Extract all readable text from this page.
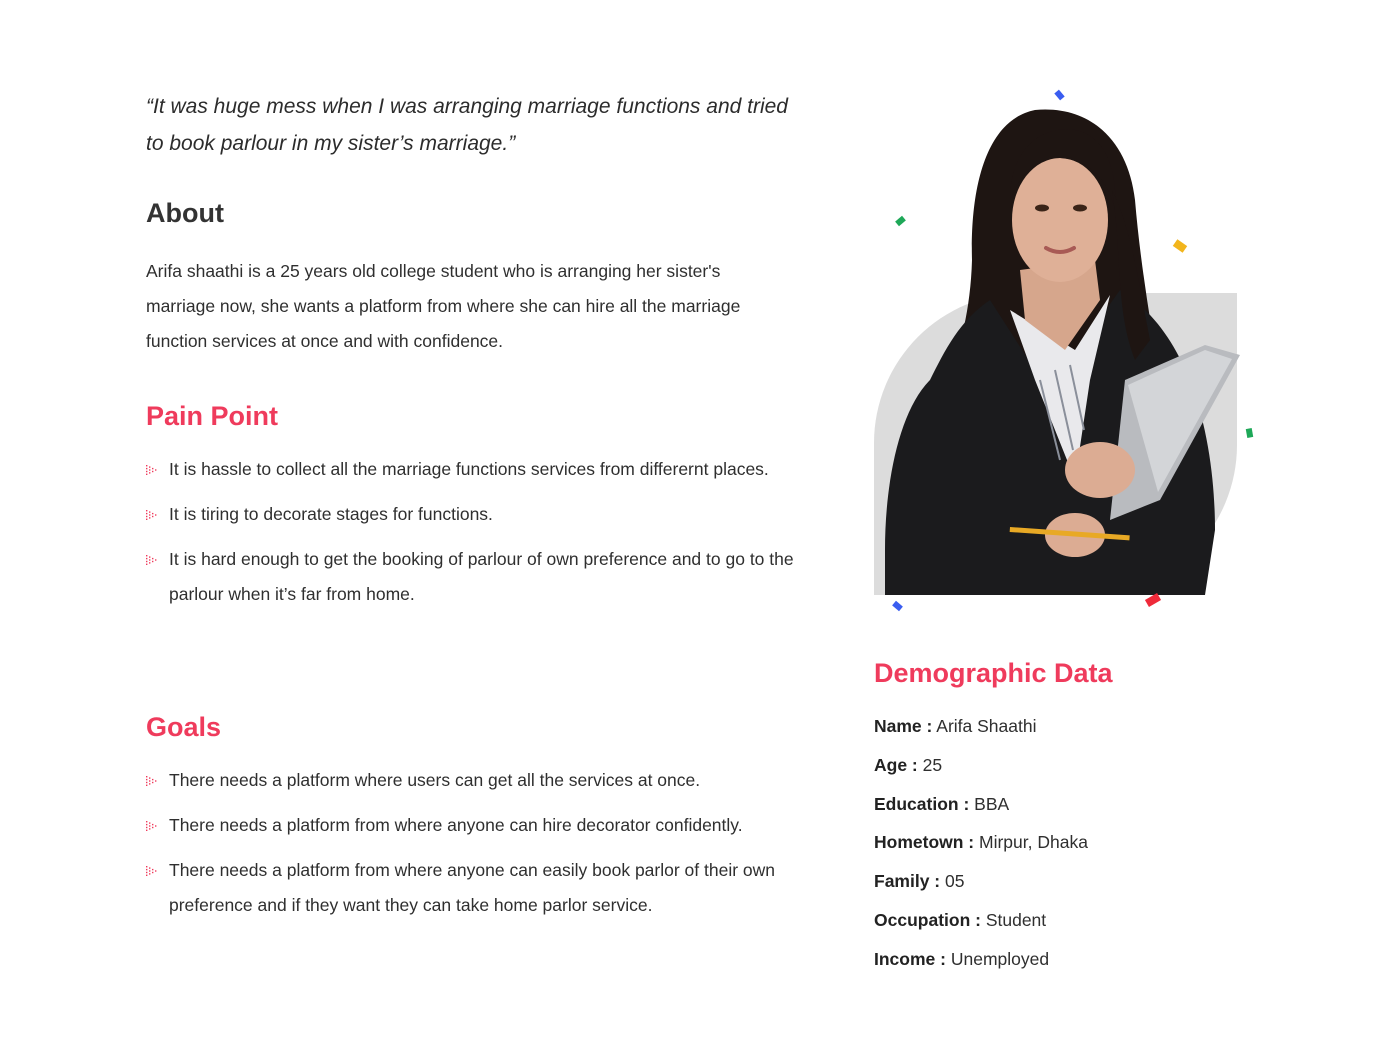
“It was huge mess when I was arranging marriage functions and tried to book parlour in my sister’s marriage.”

About

Arifa shaathi is a 25 years old college student who is arranging her sister's marriage now, she wants a platform from where she can hire all the marriage function services at once and with confidence.

Pain Point
It is hassle to collect all the marriage functions services from differernt places.
It is tiring to decorate stages for functions.
It is hard enough to get the booking of parlour of own preference and to go to the parlour when it’s far from home.
Goals
There needs a platform where users can get all the services at once.
There needs a platform from where anyone can hire decorator confidently.
There needs a platform from where anyone can easily book parlor of their own preference and if they want they can take home parlor service.
Demographic Data
Name : Arifa Shaathi
Age : 25
Education : BBA
Hometown : Mirpur, Dhaka
Family : 05
Occupation : Student
Income : Unemployed
